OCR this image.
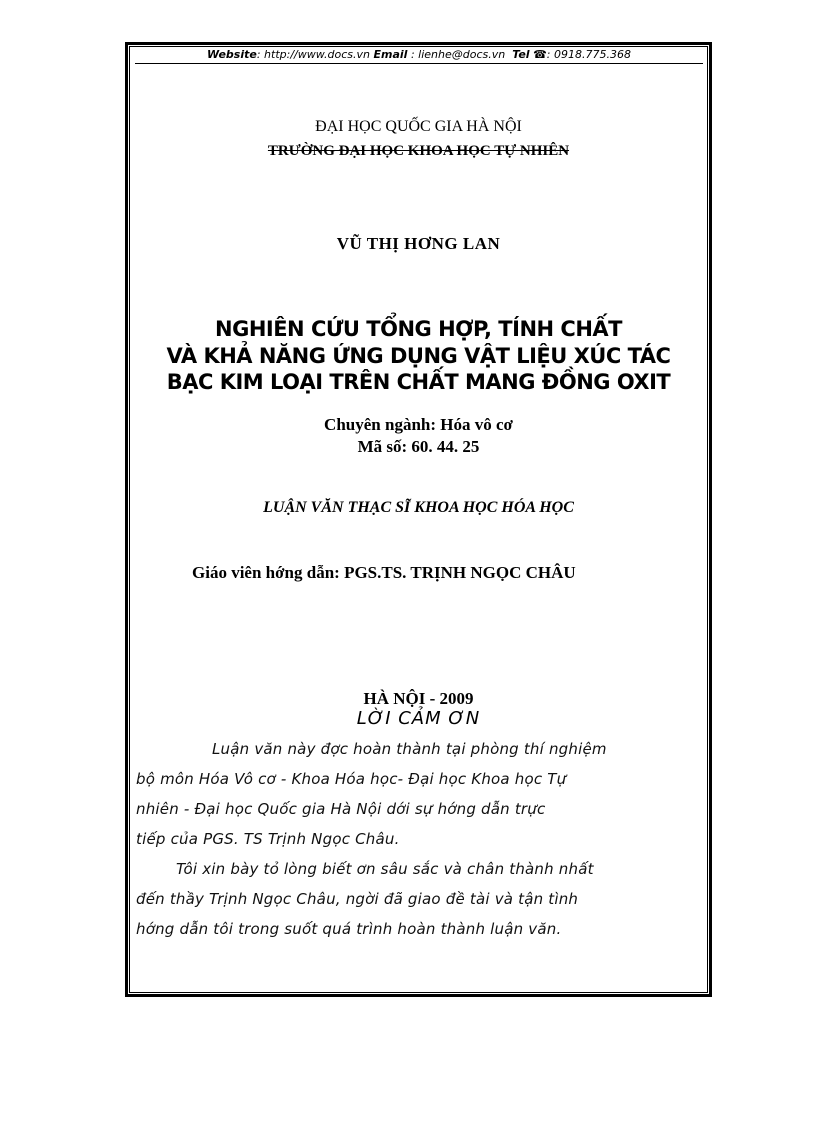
Website: http://www.docs.vn Email : lienhe@docs.vn Tel ☎: 0918.775.368
ĐẠI HỌC QUỐC GIA HÀ NỘI
TRƯỜNG ĐẠI HỌC KHOA HỌC TỰ NHIÊN
VŨ THỊ HƠNG LAN
NGHIÊN CỨU TỔNG HỢP, TÍNH CHẤT
VÀ KHẢ NĂNG ỨNG DỤNG VẬT LIỆU XÚC TÁC
BẠC KIM LOẠI TRÊN CHẤT MANG ĐỒNG OXIT
Chuyên ngành: Hóa vô cơ
Mã số: 60. 44. 25
LUẬN VĂN THẠC SĨ KHOA HỌC HÓA HỌC
Giáo viên hớng dẫn: PGS.TS. TRỊNH NGỌC CHÂU
HÀ NỘI - 2009
LỜI CẢM ƠN
Luận văn này đợc hoàn thành tại phòng thí nghiệm
bộ môn Hóa Vô cơ - Khoa Hóa học- Đại học Khoa học Tự
nhiên - Đại học Quốc gia Hà Nội dới sự hớng dẫn trực
tiếp của PGS. TS Trịnh Ngọc Châu.
Tôi xin bày tỏ lòng biết ơn sâu sắc và chân thành nhất
đến thầy Trịnh Ngọc Châu, ngời đã giao đề tài và tận tình
hớng dẫn tôi trong suốt quá trình hoàn thành luận văn.
